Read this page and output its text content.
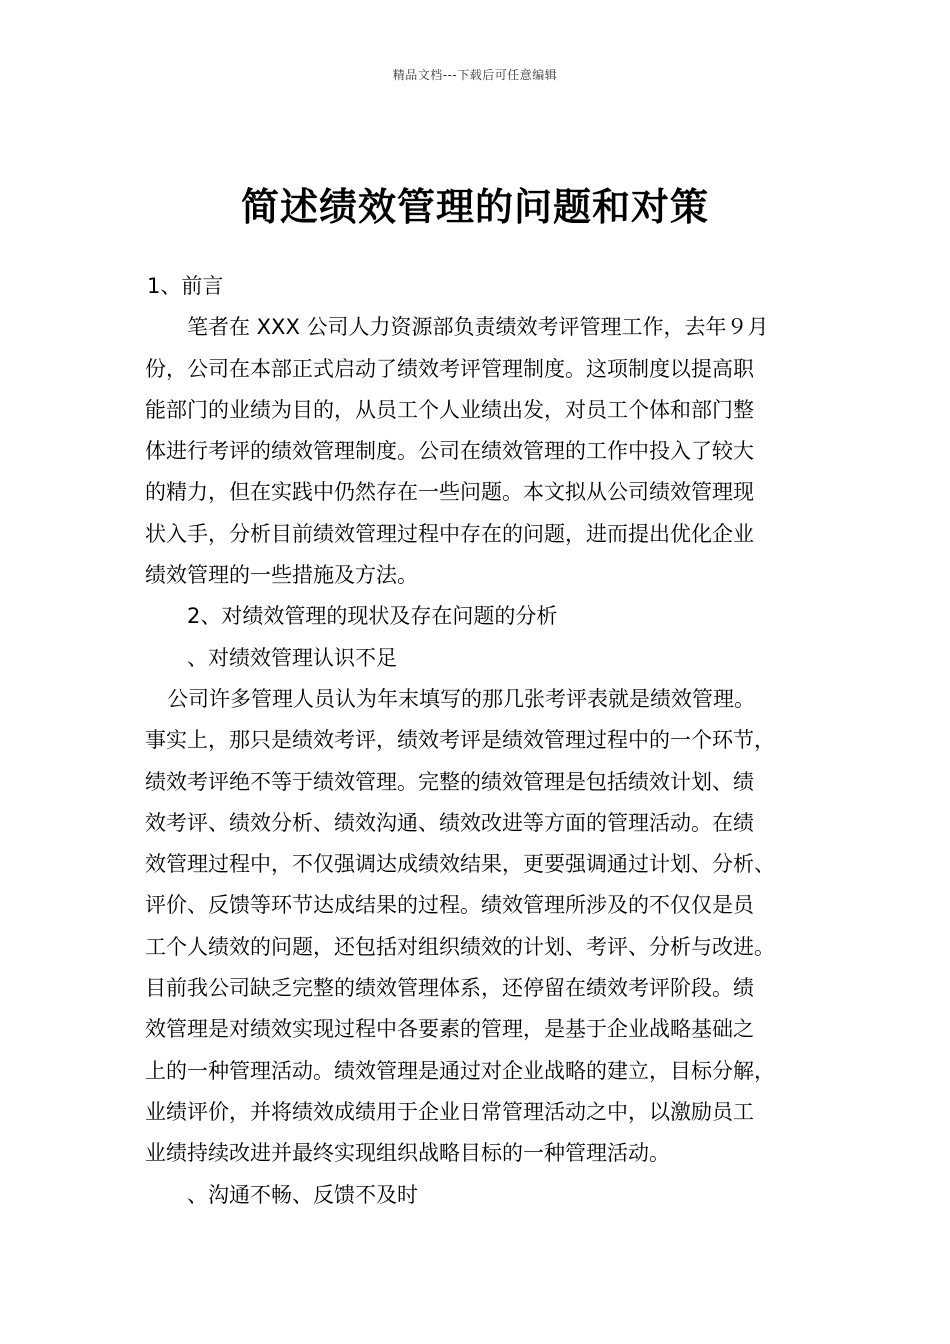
精品文档---下载后可任意编辑
简述绩效管理的问题和对策
1、前言
笔者在 XXX 公司人力资源部负责绩效考评管理工作，去年９月
份，公司在本部正式启动了绩效考评管理制度。这项制度以提高职
能部门的业绩为目的，从员工个人业绩出发，对员工个体和部门整
体进行考评的绩效管理制度。公司在绩效管理的工作中投入了较大
的精力，但在实践中仍然存在一些问题。本文拟从公司绩效管理现
状入手，分析目前绩效管理过程中存在的问题，进而提出优化企业
绩效管理的一些措施及方法。
2、对绩效管理的现状及存在问题的分析
、对绩效管理认识不足
公司许多管理人员认为年末填写的那几张考评表就是绩效管理。
事实上，那只是绩效考评，绩效考评是绩效管理过程中的一个环节，
绩效考评绝不等于绩效管理。完整的绩效管理是包括绩效计划、绩
效考评、绩效分析、绩效沟通、绩效改进等方面的管理活动。在绩
效管理过程中，不仅强调达成绩效结果，更要强调通过计划、分析、
评价、反馈等环节达成结果的过程。绩效管理所涉及的不仅仅是员
工个人绩效的问题，还包括对组织绩效的计划、考评、分析与改进。
目前我公司缺乏完整的绩效管理体系，还停留在绩效考评阶段。绩
效管理是对绩效实现过程中各要素的管理，是基于企业战略基础之
上的一种管理活动。绩效管理是通过对企业战略的建立，目标分解，
业绩评价，并将绩效成绩用于企业日常管理活动之中，以激励员工
业绩持续改进并最终实现组织战略目标的一种管理活动。
、沟通不畅、反馈不及时
